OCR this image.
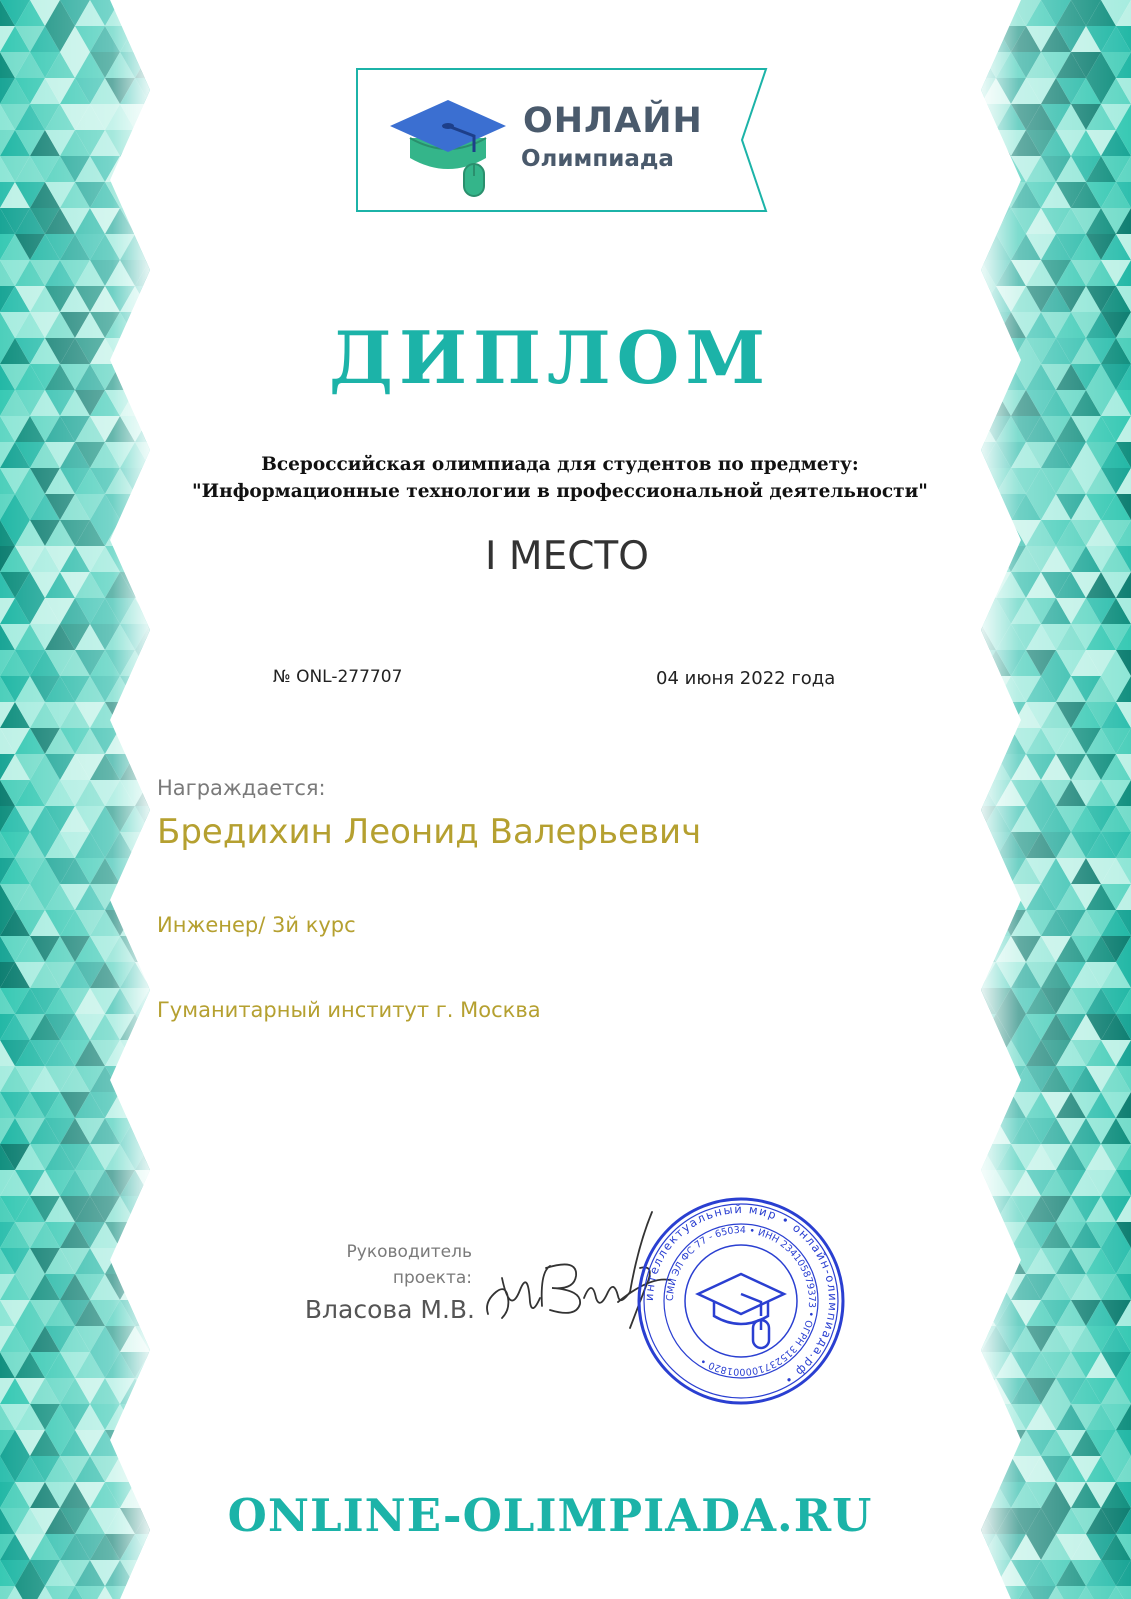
ОНЛАЙН
Олимпиада
ДИПЛОМ
Всероссийская олимпиада для студентов по предмету:
"Информационные технологии в профессиональной деятельности"
I МЕСТО
№ ONL-277707	04 июня 2022 года
Награждается:
Бредихин Леонид Валерьевич
Инженер/ 3й курс
Гуманитарный институт г. Москва
Руководитель
проекта:
Власова М.В.	интеллектуальный мир • онлайн-олимпиада.рф •
СМИ ЭЛ ФС 77 - 65034 • ИНН 234105879373 • ОГРН 315237100001820 •
ONLINE-OLIMPIADA.RU
